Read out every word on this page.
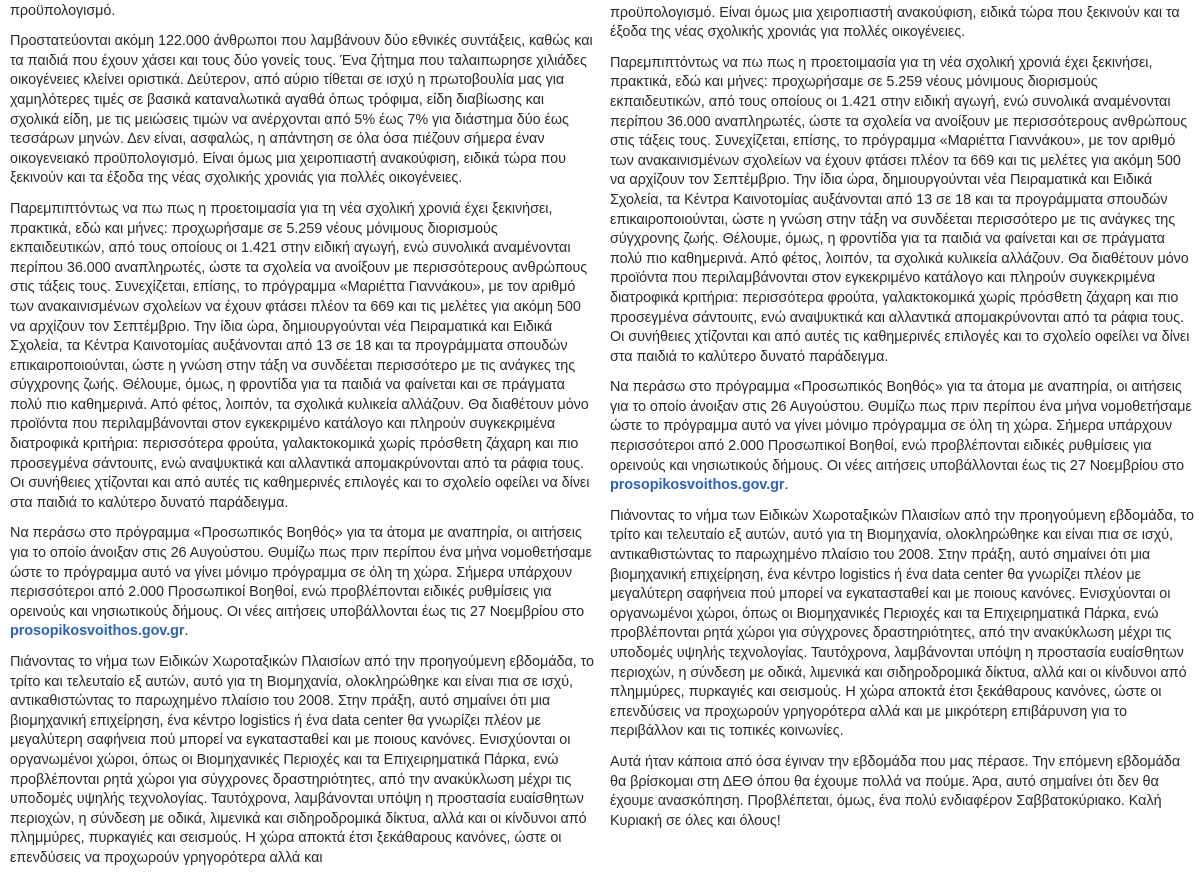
προϋπολογισμό.

Προστατεύονται ακόμη 122.000 άνθρωποι που λαμβάνουν δύο εθνικές συντάξεις, καθώς και τα παιδιά που έχουν χάσει και τους δύο γονείς τους. Ένα ζήτημα που ταλαιπωρησε χιλιάδες οικογένειες κλείνει οριστικά. Δεύτερον, από αύριο τίθεται σε ισχύ η πρωτοβουλία μας για χαμηλότερες τιμές σε βασικά καταναλωτικά αγαθά όπως τρόφιμα, είδη διαβίωσης και σχολικά είδη, με τις μειώσεις τιμών να ανέρχονται από 5% έως 7% για διάστημα δύο έως τεσσάρων μηνών. Δεν είναι, ασφαλώς, η απάντηση σε όλα όσα πιέζουν σήμερα έναν οικογενειακό προϋπολογισμό. Είναι όμως μια χειροπιαστή ανακούφιση, ειδικά τώρα που ξεκινούν και τα έξοδα της νέας σχολικής χρονιάς για πολλές οικογένειες.

Παρεμπιπτόντως να πω πως η προετοιμασία για τη νέα σχολική χρονιά έχει ξεκινήσει, πρακτικά, εδώ και μήνες: προχωρήσαμε σε 5.259 νέους μόνιμους διορισμούς εκπαιδευτικών, από τους οποίους οι 1.421 στην ειδική αγωγή, ενώ συνολικά αναμένονται περίπου 36.000 αναπληρωτές, ώστε τα σχολεία να ανοίξουν με περισσότερους ανθρώπους στις τάξεις τους. Συνεχίζεται, επίσης, το πρόγραμμα «Μαριέττα Γιαννάκου», με τον αριθμό των ανακαινισμένων σχολείων να έχουν φτάσει πλέον τα 669 και τις μελέτες για ακόμη 500 να αρχίζουν τον Σεπτέμβριο. Την ίδια ώρα, δημιουργούνται νέα Πειραματικά και Ειδικά Σχολεία, τα Κέντρα Καινοτομίας αυξάνονται από 13 σε 18 και τα προγράμματα σπουδών επικαιροποιούνται, ώστε η γνώση στην τάξη να συνδέεται περισσότερο με τις ανάγκες της σύγχρονης ζωής. Θέλουμε, όμως, η φροντίδα για τα παιδιά να φαίνεται και σε πράγματα πολύ πιο καθημερινά. Από φέτος, λοιπόν, τα σχολικά κυλικεία αλλάζουν. Θα διαθέτουν μόνο προϊόντα που περιλαμβάνονται στον εγκεκριμένο κατάλογο και πληρούν συγκεκριμένα διατροφικά κριτήρια: περισσότερα φρούτα, γαλακτοκομικά χωρίς πρόσθετη ζάχαρη και πιο προσεγμένα σάντουιτς, ενώ αναψυκτικά και αλλαντικά απομακρύνονται από τα ράφια τους. Οι συνήθειες χτίζονται και από αυτές τις καθημερινές επιλογές και το σχολείο οφείλει να δίνει στα παιδιά το καλύτερο δυνατό παράδειγμα.

Να περάσω στο πρόγραμμα «Προσωπικός Βοηθός» για τα άτομα με αναπηρία, οι αιτήσεις για το οποίο άνοιξαν στις 26 Αυγούστου. Θυμίζω πως πριν περίπου ένα μήνα νομοθετήσαμε ώστε το πρόγραμμα αυτό να γίνει μόνιμο πρόγραμμα σε όλη τη χώρα. Σήμερα υπάρχουν περισσότεροι από 2.000 Προσωπικοί Βοηθοί, ενώ προβλέπονται ειδικές ρυθμίσεις για ορεινούς και νησιωτικούς δήμους. Οι νέες αιτήσεις υποβάλλονται έως τις 27 Νοεμβρίου στο prosopikosvoithos.gov.gr.

Πιάνοντας το νήμα των Ειδικών Χωροταξικών Πλαισίων από την προηγούμενη εβδομάδα, το τρίτο και τελευταίο εξ αυτών, αυτό για τη Βιομηχανία, ολοκληρώθηκε και είναι πια σε ισχύ, αντικαθιστώντας το παρωχημένο πλαίσιο του 2008. Στην πράξη, αυτό σημαίνει ότι μια βιομηχανική επιχείρηση, ένα κέντρο logistics ή ένα data center θα γνωρίζει πλέον με μεγαλύτερη σαφήνεια πού μπορεί να εγκατασταθεί και με ποιους κανόνες. Ενισχύονται οι οργανωμένοι χώροι, όπως οι Βιομηχανικές Περιοχές και τα Επιχειρηματικά Πάρκα, ενώ προβλέπονται ρητά χώροι για σύγχρονες δραστηριότητες, από την ανακύκλωση μέχρι τις υποδομές υψηλής τεχνολογίας. Ταυτόχρονα, λαμβάνονται υπόψη η προστασία ευαίσθητων περιοχών, η σύνδεση με οδικά, λιμενικά και σιδηροδρομικά δίκτυα, αλλά και οι κίνδυνοι από πλημμύρες, πυρκαγιές και σεισμούς. Η χώρα αποκτά έτσι ξεκάθαρους κανόνες, ώστε οι επενδύσεις να προχωρούν γρηγορότερα αλλά και

προϋπολογισμό. Είναι όμως μια χειροπιαστή ανακούφιση, ειδικά τώρα που ξεκινούν και τα έξοδα της νέας σχολικής χρονιάς για πολλές οικογένειες.

Παρεμπιπτόντως να πω πως η προετοιμασία για τη νέα σχολική χρονιά έχει ξεκινήσει, πρακτικά, εδώ και μήνες: προχωρήσαμε σε 5.259 νέους μόνιμους διορισμούς εκπαιδευτικών, από τους οποίους οι 1.421 στην ειδική αγωγή, ενώ συνολικά αναμένονται περίπου 36.000 αναπληρωτές, ώστε τα σχολεία να ανοίξουν με περισσότερους ανθρώπους στις τάξεις τους. Συνεχίζεται, επίσης, το πρόγραμμα «Μαριέττα Γιαννάκου», με τον αριθμό των ανακαινισμένων σχολείων να έχουν φτάσει πλέον τα 669 και τις μελέτες για ακόμη 500 να αρχίζουν τον Σεπτέμβριο. Την ίδια ώρα, δημιουργούνται νέα Πειραματικά και Ειδικά Σχολεία, τα Κέντρα Καινοτομίας αυξάνονται από 13 σε 18 και τα προγράμματα σπουδών επικαιροποιούνται, ώστε η γνώση στην τάξη να συνδέεται περισσότερο με τις ανάγκες της σύγχρονης ζωής. Θέλουμε, όμως, η φροντίδα για τα παιδιά να φαίνεται και σε πράγματα πολύ πιο καθημερινά. Από φέτος, λοιπόν, τα σχολικά κυλικεία αλλάζουν. Θα διαθέτουν μόνο προϊόντα που περιλαμβάνονται στον εγκεκριμένο κατάλογο και πληρούν συγκεκριμένα διατροφικά κριτήρια: περισσότερα φρούτα, γαλακτοκομικά χωρίς πρόσθετη ζάχαρη και πιο προσεγμένα σάντουιτς, ενώ αναψυκτικά και αλλαντικά απομακρύνονται από τα ράφια τους. Οι συνήθειες χτίζονται και από αυτές τις καθημερινές επιλογές και το σχολείο οφείλει να δίνει στα παιδιά το καλύτερο δυνατό παράδειγμα.

Να περάσω στο πρόγραμμα «Προσωπικός Βοηθός» για τα άτομα με αναπηρία, οι αιτήσεις για το οποίο άνοιξαν στις 26 Αυγούστου. Θυμίζω πως πριν περίπου ένα μήνα νομοθετήσαμε ώστε το πρόγραμμα αυτό να γίνει μόνιμο πρόγραμμα σε όλη τη χώρα. Σήμερα υπάρχουν περισσότεροι από 2.000 Προσωπικοί Βοηθοί, ενώ προβλέπονται ειδικές ρυθμίσεις για ορεινούς και νησιωτικούς δήμους. Οι νέες αιτήσεις υποβάλλονται έως τις 27 Νοεμβρίου στο prosopikosvoithos.gov.gr.

Πιάνοντας το νήμα των Ειδικών Χωροταξικών Πλαισίων από την προηγούμενη εβδομάδα, το τρίτο και τελευταίο εξ αυτών, αυτό για τη Βιομηχανία, ολοκληρώθηκε και είναι πια σε ισχύ, αντικαθιστώντας το παρωχημένο πλαίσιο του 2008. Στην πράξη, αυτό σημαίνει ότι μια βιομηχανική επιχείρηση, ένα κέντρο logistics ή ένα data center θα γνωρίζει πλέον με μεγαλύτερη σαφήνεια πού μπορεί να εγκατασταθεί και με ποιους κανόνες. Ενισχύονται οι οργανωμένοι χώροι, όπως οι Βιομηχανικές Περιοχές και τα Επιχειρηματικά Πάρκα, ενώ προβλέπονται ρητά χώροι για σύγχρονες δραστηριότητες, από την ανακύκλωση μέχρι τις υποδομές υψηλής τεχνολογίας. Ταυτόχρονα, λαμβάνονται υπόψη η προστασία ευαίσθητων περιοχών, η σύνδεση με οδικά, λιμενικά και σιδηροδρομικά δίκτυα, αλλά και οι κίνδυνοι από πλημμύρες, πυρκαγιές και σεισμούς. Η χώρα αποκτά έτσι ξεκάθαρους κανόνες, ώστε οι επενδύσεις να προχωρούν γρηγορότερα αλλά και με μικρότερη επιβάρυνση για το περιβάλλον και τις τοπικές κοινωνίες.

Αυτά ήταν κάποια από όσα έγιναν την εβδομάδα που μας πέρασε. Την επόμενη εβδομάδα θα βρίσκομαι στη ΔΕΘ όπου θα έχουμε πολλά να πούμε. Άρα, αυτό σημαίνει ότι δεν θα έχουμε ανασκόπηση. Προβλέπεται, όμως, ένα πολύ ενδιαφέρον Σαββατοκύριακο. Καλή Κυριακή σε όλες και όλους!
